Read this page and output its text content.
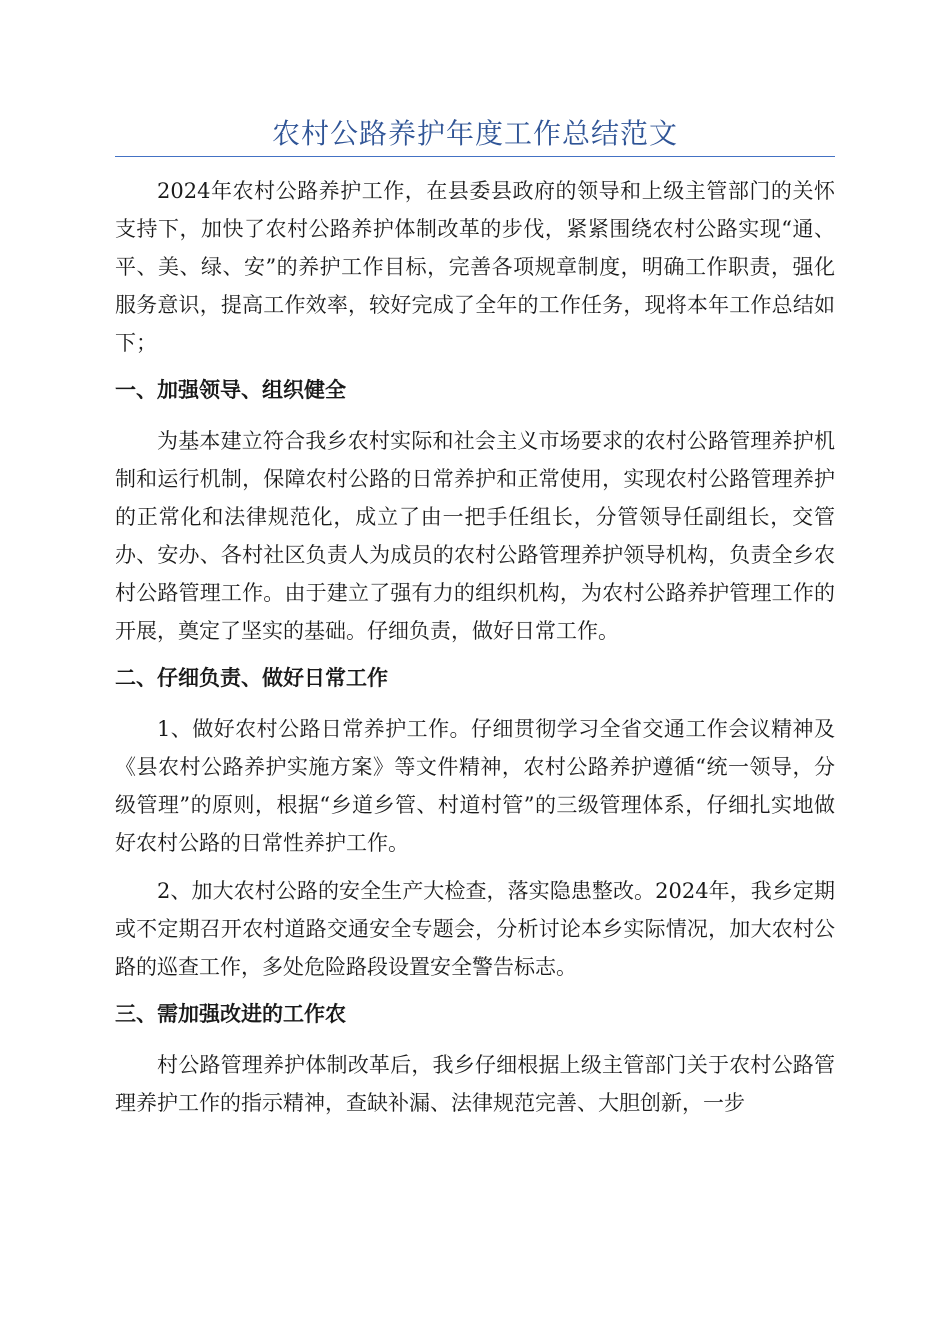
农村公路养护年度工作总结范文

2024年农村公路养护工作，在县委县政府的领导和上级主管部门的关怀支持下，加快了农村公路养护体制改革的步伐，紧紧围绕农村公路实现“通、平、美、绿、安”的养护工作目标，完善各项规章制度，明确工作职责，强化服务意识，提高工作效率，较好完成了全年的工作任务，现将本年工作总结如下；

一、加强领导、组织健全

为基本建立符合我乡农村实际和社会主义市场要求的农村公路管理养护机制和运行机制，保障农村公路的日常养护和正常使用，实现农村公路管理养护的正常化和法律规范化，成立了由一把手任组长，分管领导任副组长，交管办、安办、各村社区负责人为成员的农村公路管理养护领导机构，负责全乡农村公路管理工作。由于建立了强有力的组织机构，为农村公路养护管理工作的开展，奠定了坚实的基础。仔细负责，做好日常工作。

二、仔细负责、做好日常工作

1、做好农村公路日常养护工作。仔细贯彻学习全省交通工作会议精神及《县农村公路养护实施方案》等文件精神，农村公路养护遵循“统一领导，分级管理”的原则，根据“乡道乡管、村道村管”的三级管理体系，仔细扎实地做好农村公路的日常性养护工作。

2、加大农村公路的安全生产大检查，落实隐患整改。2024年，我乡定期或不定期召开农村道路交通安全专题会，分析讨论本乡实际情况，加大农村公路的巡查工作，多处危险路段设置安全警告标志。

三、需加强改进的工作农

村公路管理养护体制改革后，我乡仔细根据上级主管部门关于农村公路管理养护工作的指示精神，查缺补漏、法律规范完善、大胆创新，一步
